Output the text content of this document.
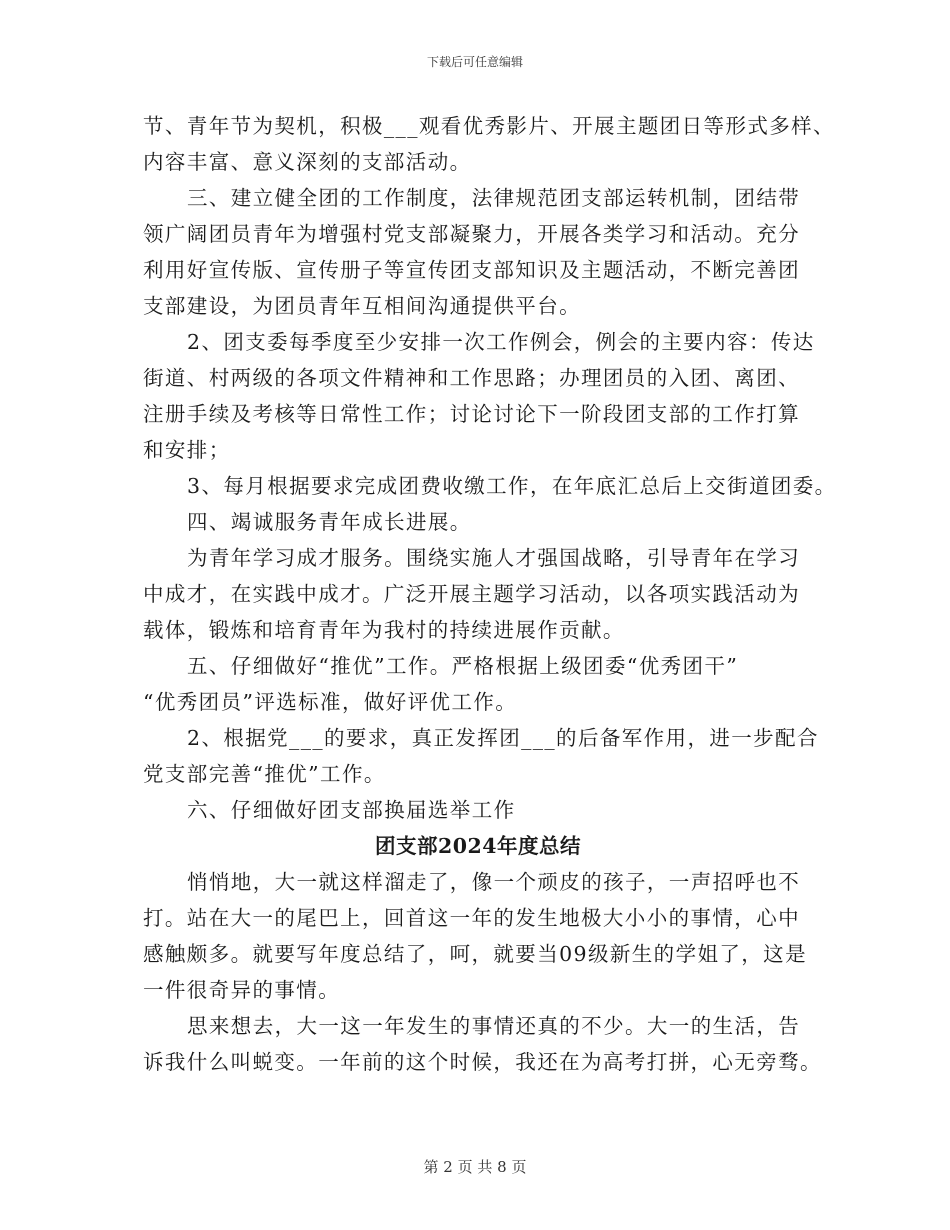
下载后可任意编辑
节、青年节为契机，积极___观看优秀影片、开展主题团日等形式多样、
内容丰富、意义深刻的支部活动。
三、建立健全团的工作制度，法律规范团支部运转机制，团结带
领广阔团员青年为增强村党支部凝聚力，开展各类学习和活动。充分
利用好宣传版、宣传册子等宣传团支部知识及主题活动，不断完善团
支部建设，为团员青年互相间沟通提供平台。
2、团支委每季度至少安排一次工作例会，例会的主要内容：传达
街道、村两级的各项文件精神和工作思路；办理团员的入团、离团、
注册手续及考核等日常性工作；讨论讨论下一阶段团支部的工作打算
和安排；
3、每月根据要求完成团费收缴工作，在年底汇总后上交街道团委。
四、竭诚服务青年成长进展。
为青年学习成才服务。围绕实施人才强国战略，引导青年在学习
中成才，在实践中成才。广泛开展主题学习活动，以各项实践活动为
载体，锻炼和培育青年为我村的持续进展作贡献。
五、仔细做好“推优”工作。严格根据上级团委“优秀团干”
“优秀团员”评选标准，做好评优工作。
2、根据党___的要求，真正发挥团___的后备军作用，进一步配合
党支部完善“推优”工作。
六、仔细做好团支部换届选举工作
团支部2024年度总结
悄悄地，大一就这样溜走了，像一个顽皮的孩子，一声招呼也不
打。站在大一的尾巴上，回首这一年的发生地极大小小的事情，心中
感触颇多。就要写年度总结了，呵，就要当09级新生的学姐了，这是
一件很奇异的事情。
思来想去，大一这一年发生的事情还真的不少。大一的生活，告
诉我什么叫蜕变。一年前的这个时候，我还在为高考打拼，心无旁骛。
第 2 页 共 8 页
